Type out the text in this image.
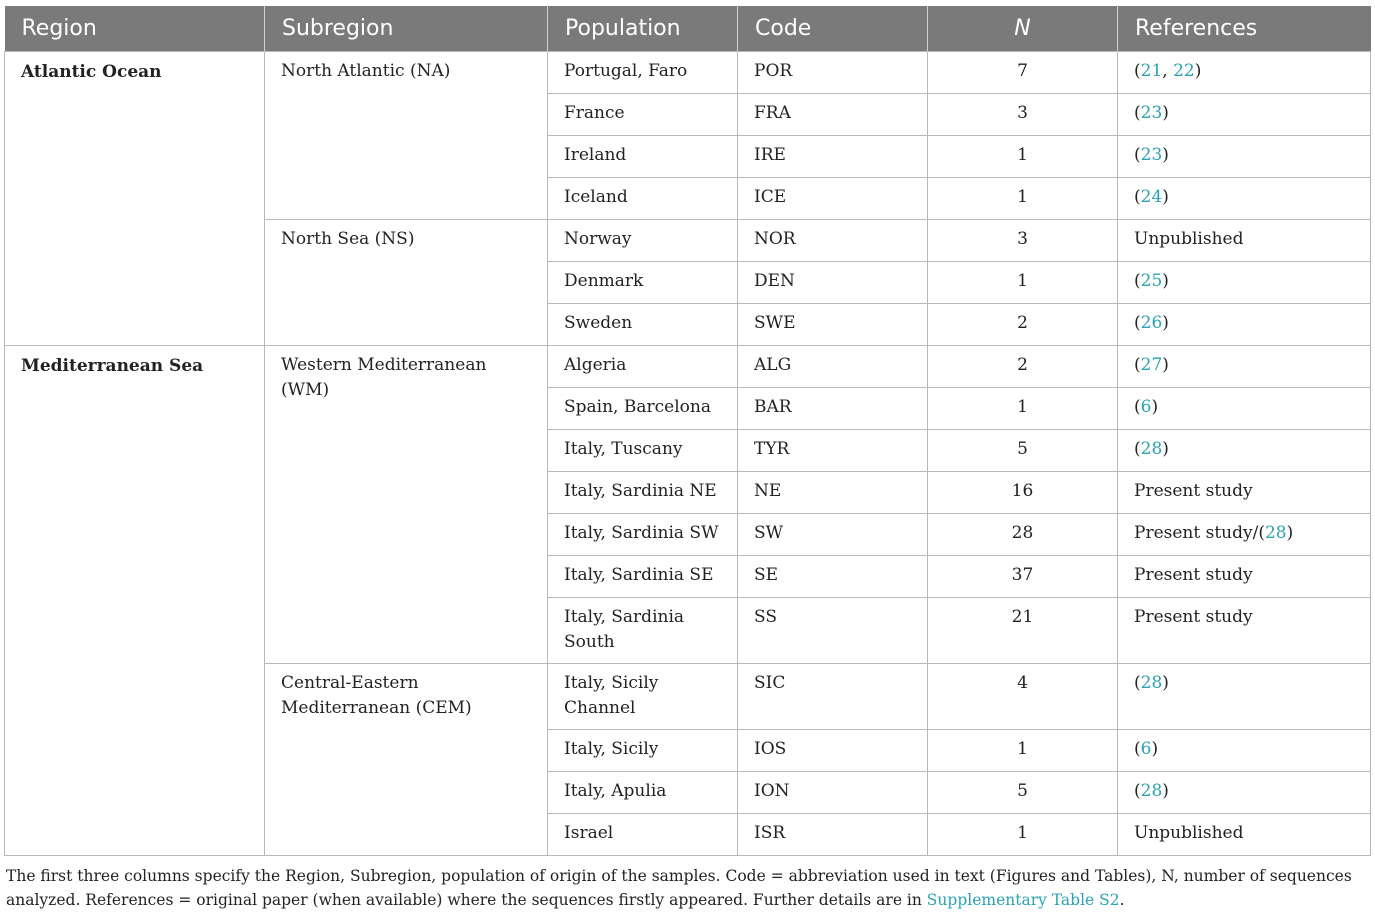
Region	Subregion	Population	Code	N	References
Atlantic Ocean	North Atlantic (NA)	Portugal, Faro	POR	7	(21, 22)
		France	FRA	3	(23)
		Ireland	IRE	1	(23)
		Iceland	ICE	1	(24)
	North Sea (NS)	Norway	NOR	3	Unpublished
		Denmark	DEN	1	(25)
		Sweden	SWE	2	(26)
Mediterranean Sea	Western Mediterranean (WM)	Algeria	ALG	2	(27)
		Spain, Barcelona	BAR	1	(6)
		Italy, Tuscany	TYR	5	(28)
		Italy, Sardinia NE	NE	16	Present study
		Italy, Sardinia SW	SW	28	Present study/(28)
		Italy, Sardinia SE	SE	37	Present study
		Italy, Sardinia South	SS	21	Present study
	Central-Eastern Mediterranean (CEM)	Italy, Sicily Channel	SIC	4	(28)
		Italy, Sicily	IOS	1	(6)
		Italy, Apulia	ION	5	(28)
		Israel	ISR	1	Unpublished

The first three columns specify the Region, Subregion, population of origin of the samples. Code = abbreviation used in text (Figures and Tables), N, number of sequences analyzed. References = original paper (when available) where the sequences firstly appeared. Further details are in Supplementary Table S2.
